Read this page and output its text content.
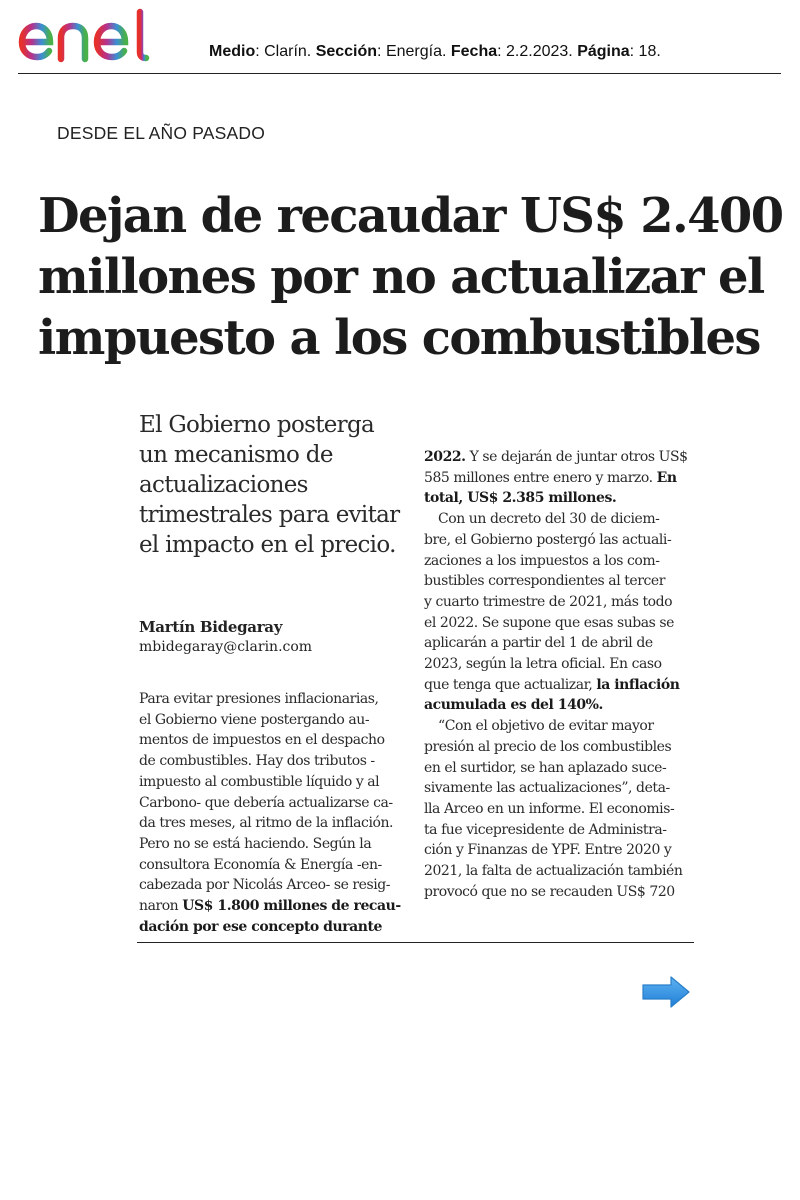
Medio: Clarín. Sección: Energía. Fecha: 2.2.2023. Página: 18.
DESDE EL AÑO PASADO
Dejan de recaudar US$ 2.400
millones por no actualizar el
impuesto a los combustibles

El Gobierno posterga
un mecanismo de
actualizaciones
trimestrales para evitar
el impacto en el precio.

Martín Bidegaray
mbidegaray@clarin.com

Para evitar presiones inflacionarias,
el Gobierno viene postergando au-
mentos de impuestos en el despacho
de combustibles. Hay dos tributos -
impuesto al combustible líquido y al
Carbono- que debería actualizarse ca-
da tres meses, al ritmo de la inflación.
Pero no se está haciendo. Según la
consultora Economía & Energía -en-
cabezada por Nicolás Arceo- se resig-
naron US$ 1.800 millones de recau-
dación por ese concepto durante

2022. Y se dejarán de juntar otros US$
585 millones entre enero y marzo. En
total, US$ 2.385 millones.

Con un decreto del 30 de diciem-
bre, el Gobierno postergó las actuali-
zaciones a los impuestos a los com-
bustibles correspondientes al tercer
y cuarto trimestre de 2021, más todo
el 2022. Se supone que esas subas se
aplicarán a partir del 1 de abril de
2023, según la letra oficial. En caso
que tenga que actualizar, la inflación
acumulada es del 140%.

“Con el objetivo de evitar mayor
presión al precio de los combustibles
en el surtidor, se han aplazado suce-
sivamente las actualizaciones”, deta-
lla Arceo en un informe. El economis-
ta fue vicepresidente de Administra-
ción y Finanzas de YPF. Entre 2020 y
2021, la falta de actualización también
provocó que no se recauden US$ 720
